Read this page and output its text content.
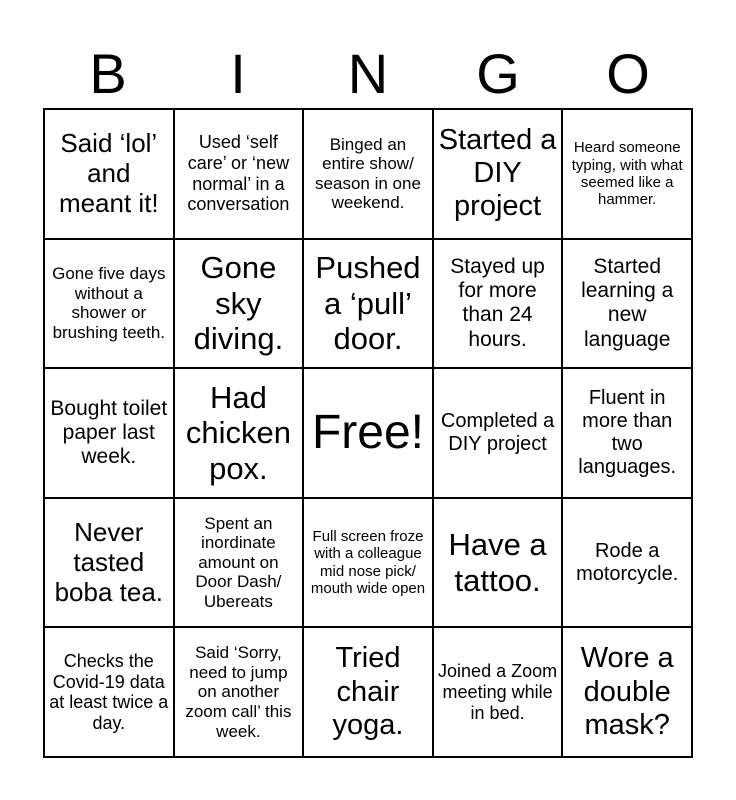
B	I	N	G	O
Said ‘lol’ and meant it!	Used ‘self care’ or ‘new normal’ in a conversation	Binged an entire show/ season in one weekend.	Started a DIY project	Heard someone typing, with what seemed like a hammer.
Gone five days without a shower or brushing teeth.	Gone sky diving.	Pushed a ‘pull’ door.	Stayed up for more than 24 hours.	Started learning a new language
Bought toilet paper last week.	Had chicken pox.	Free!	Completed a DIY project	Fluent in more than two languages.
Never tasted boba tea.	Spent an inordinate amount on Door Dash/ Ubereats	Full screen froze with a colleague mid nose pick/ mouth wide open	Have a tattoo.	Rode a motorcycle.
Checks the Covid-19 data at least twice a day.	Said ‘Sorry, need to jump on another zoom call’ this week.	Tried chair yoga.	Joined a Zoom meeting while in bed.	Wore a double mask?
